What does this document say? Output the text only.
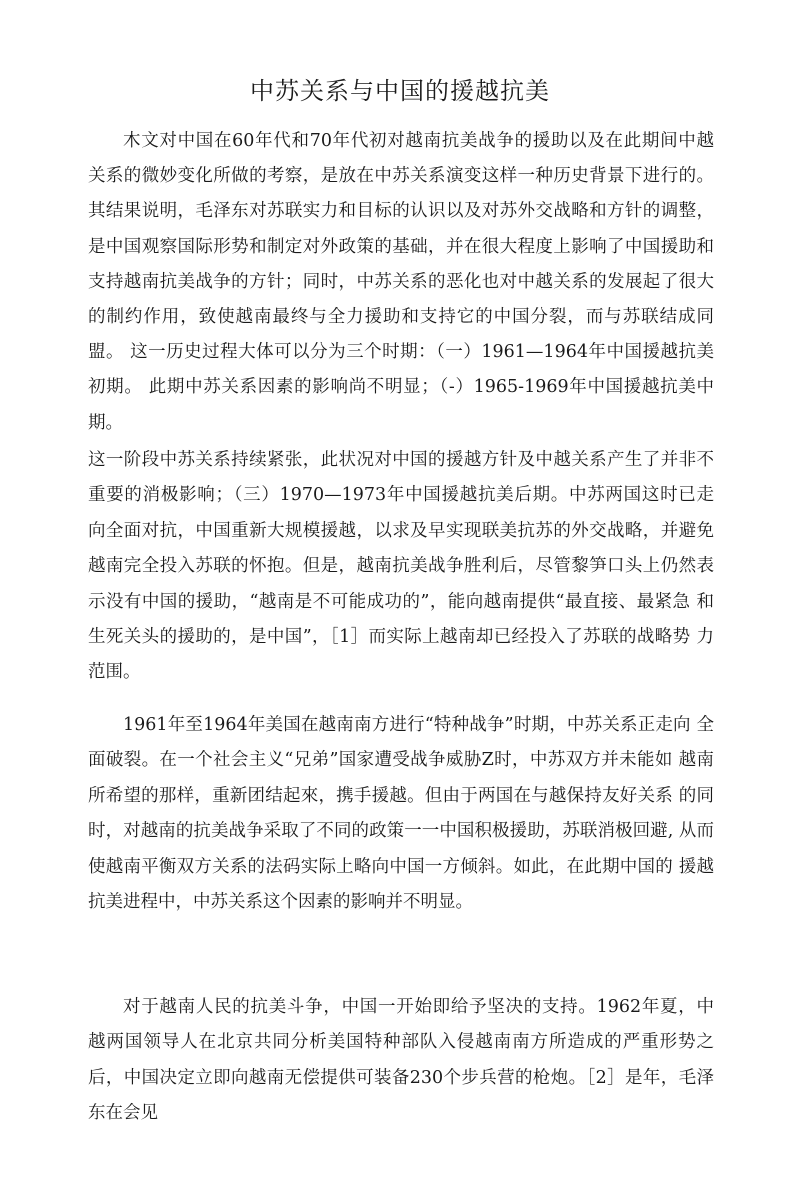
中苏关系与中国的援越抗美

木文对中国在60年代和70年代初对越南抗美战争的援助以及在此期间中越 关系的微妙变化所做的考察，是放在中苏关系演变这样一种历史背景下进行的。 其结果说明，毛泽东对苏联实力和目标的认识以及对苏外交战略和方针的调整， 是中国观察国际形势和制定对外政策的基础，并在很大程度上影响了中国援助和 支持越南抗美战争的方针；同时，中苏关系的恶化也对中越关系的发展起了很大 的制约作用，致使越南最终与全力援助和支持它的中国分裂，而与苏联结成同盟。 这一历史过程大体可以分为三个时期：（一）1961—1964年中国援越抗美初期。 此期中苏关系因素的影响尚不明显；（-）1965-1969年中国援越抗美中期。

这一阶段中苏关系持续紧张，此状况对中国的援越方针及中越关系产生了并非不 重要的消极影响；（三）1970—1973年中国援越抗美后期。中苏两国这时已走 向全面对抗，中国重新大规模援越，以求及早实现联美抗苏的外交战略，并避免 越南完全投入苏联的怀抱。但是，越南抗美战争胜利后，尽管黎笋口头上仍然表 示没有中国的援助，“越南是不可能成功的”，能向越南提供“最直接、最紧急 和生死关头的援助的，是中国”，［1］而实际上越南却已经投入了苏联的战略势 力范围。

1961年至1964年美国在越南南方进行“特种战争”时期，中苏关系正走向 全面破裂。在一个社会主义“兄弟”国家遭受战争威胁Z时，中苏双方并未能如 越南所希望的那样，重新团结起來，携手援越。但由于两国在与越保持友好关系 的同时，对越南的抗美战争采取了不同的政策一一中国积极援助，苏联消极回避, 从而使越南平衡双方关系的法码实际上略向中国一方倾斜。如此，在此期中国的 援越抗美进程中，中苏关系这个因素的影响并不明显。

对于越南人民的抗美斗争，中国一开始即给予坚决的支持。1962年夏，中 越两国领导人在北京共同分析美国特种部队入侵越南南方所造成的严重形势之 后，中国决定立即向越南无偿提供可装备230个步兵营的枪炮。［2］是年，毛泽 东在会见
